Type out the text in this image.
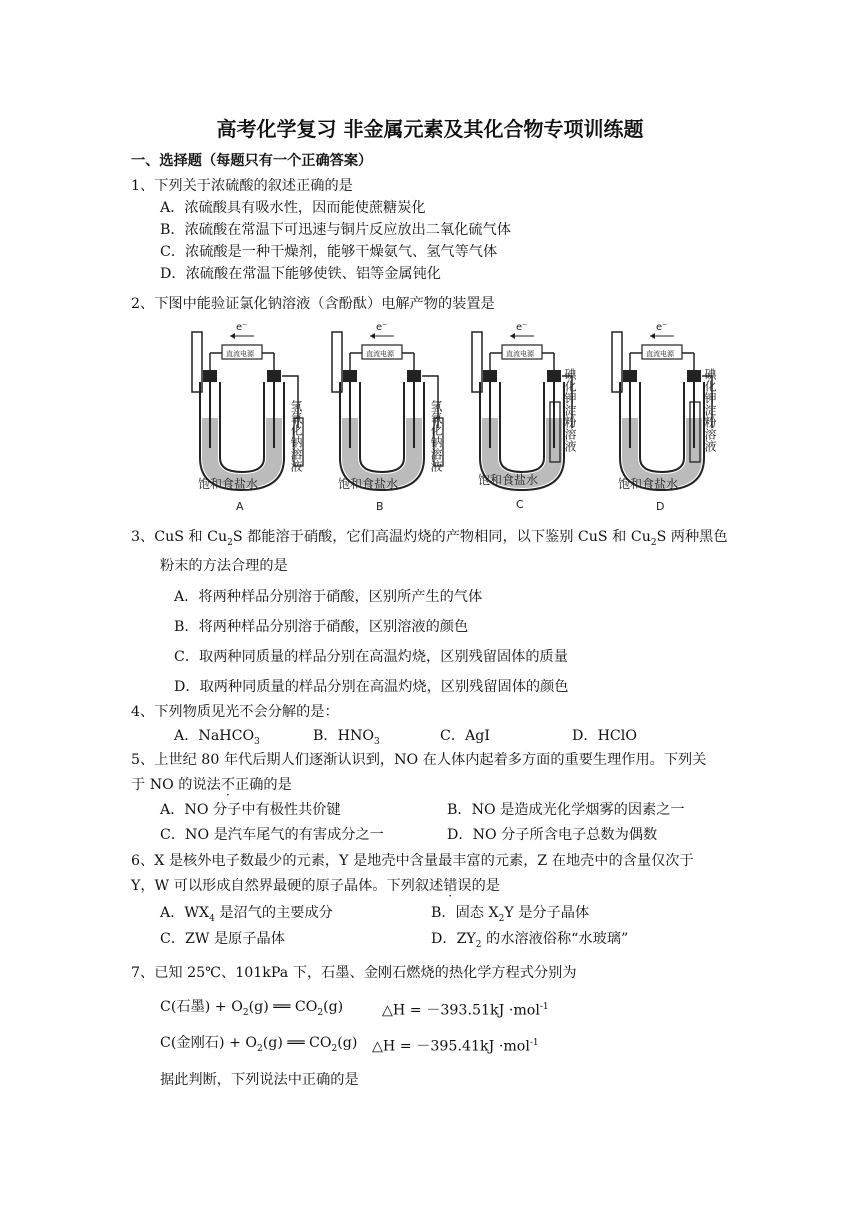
高考化学复习 非金属元素及其化合物专项训练题
一、选择题（每题只有一个正确答案）
1、下列关于浓硫酸的叙述正确的是
A．浓硫酸具有吸水性，因而能使蔗糖炭化
B．浓硫酸在常温下可迅速与铜片反应放出二氧化硫气体
C．浓硫酸是一种干燥剂，能够干燥氨气、氢气等气体
D．浓硫酸在常温下能够使铁、铝等金属钝化
2、下图中能验证氯化钠溶液（含酚酞）电解产物的装置是
e⁻	e⁻	e⁻	e⁻
直流电源	直流电源	直流电源	直流电源
饱和食盐水	饱和食盐水	饱和食盐水	饱和食盐水
氢氧化钠溶液	氢氧化钠溶液	碘化钾淀粉溶液	碘化钾淀粉溶液
A	B	C	D
3、CuS 和 $Cu_2S$ 都能溶于硝酸，它们高温灼烧的产物相同，以下鉴别 CuS 和 $Cu_2S$ 两种黑色
粉末的方法合理的是
A．将两种样品分别溶于硝酸，区别所产生的气体
B．将两种样品分别溶于硝酸，区别溶液的颜色
C．取两种同质量的样品分别在高温灼烧，区别残留固体的质量
D．取两种同质量的样品分别在高温灼烧，区别残留固体的颜色
4、下列物质见光不会分解的是：
A．NaHCO$_3$	B．$HNO_3$	C．AgI	D．HClO
5、上世纪 80 年代后期人们逐渐认识到，NO 在人体内起着多方面的重要生理作用。下列关
于 NO 的说法不正确的是
A．NO 分子中有极性共价键	B．NO 是造成光化学烟雾的因素之一
C．NO 是汽车尾气的有害成分之一	D．NO 分子所含电子总数为偶数
6、X 是核外电子数最少的元素，Y 是地壳中含量最丰富的元素，Z 在地壳中的含量仅次于
Y，W 可以形成自然界最硬的原子晶体。下列叙述错误的是
A．$WX_4$ 是沼气的主要成分	B．固态 $X_2Y$ 是分子晶体
C．ZW 是原子晶体	D．$ZY_2$ 的水溶液俗称“水玻璃”
7、已知 25℃、101kPa 下，石墨、金刚石燃烧的热化学方程式分别为
C(石墨) + $O_2(g)$ ══ $CO_2(g)$	△H = －393.51kJ ·mol$^{-1}$
C(金刚石) + $O_2(g)$ ══ $CO_2(g)$ △H = －395.41kJ ·mol$^{-1}$
据此判断，下列说法中正确的是
